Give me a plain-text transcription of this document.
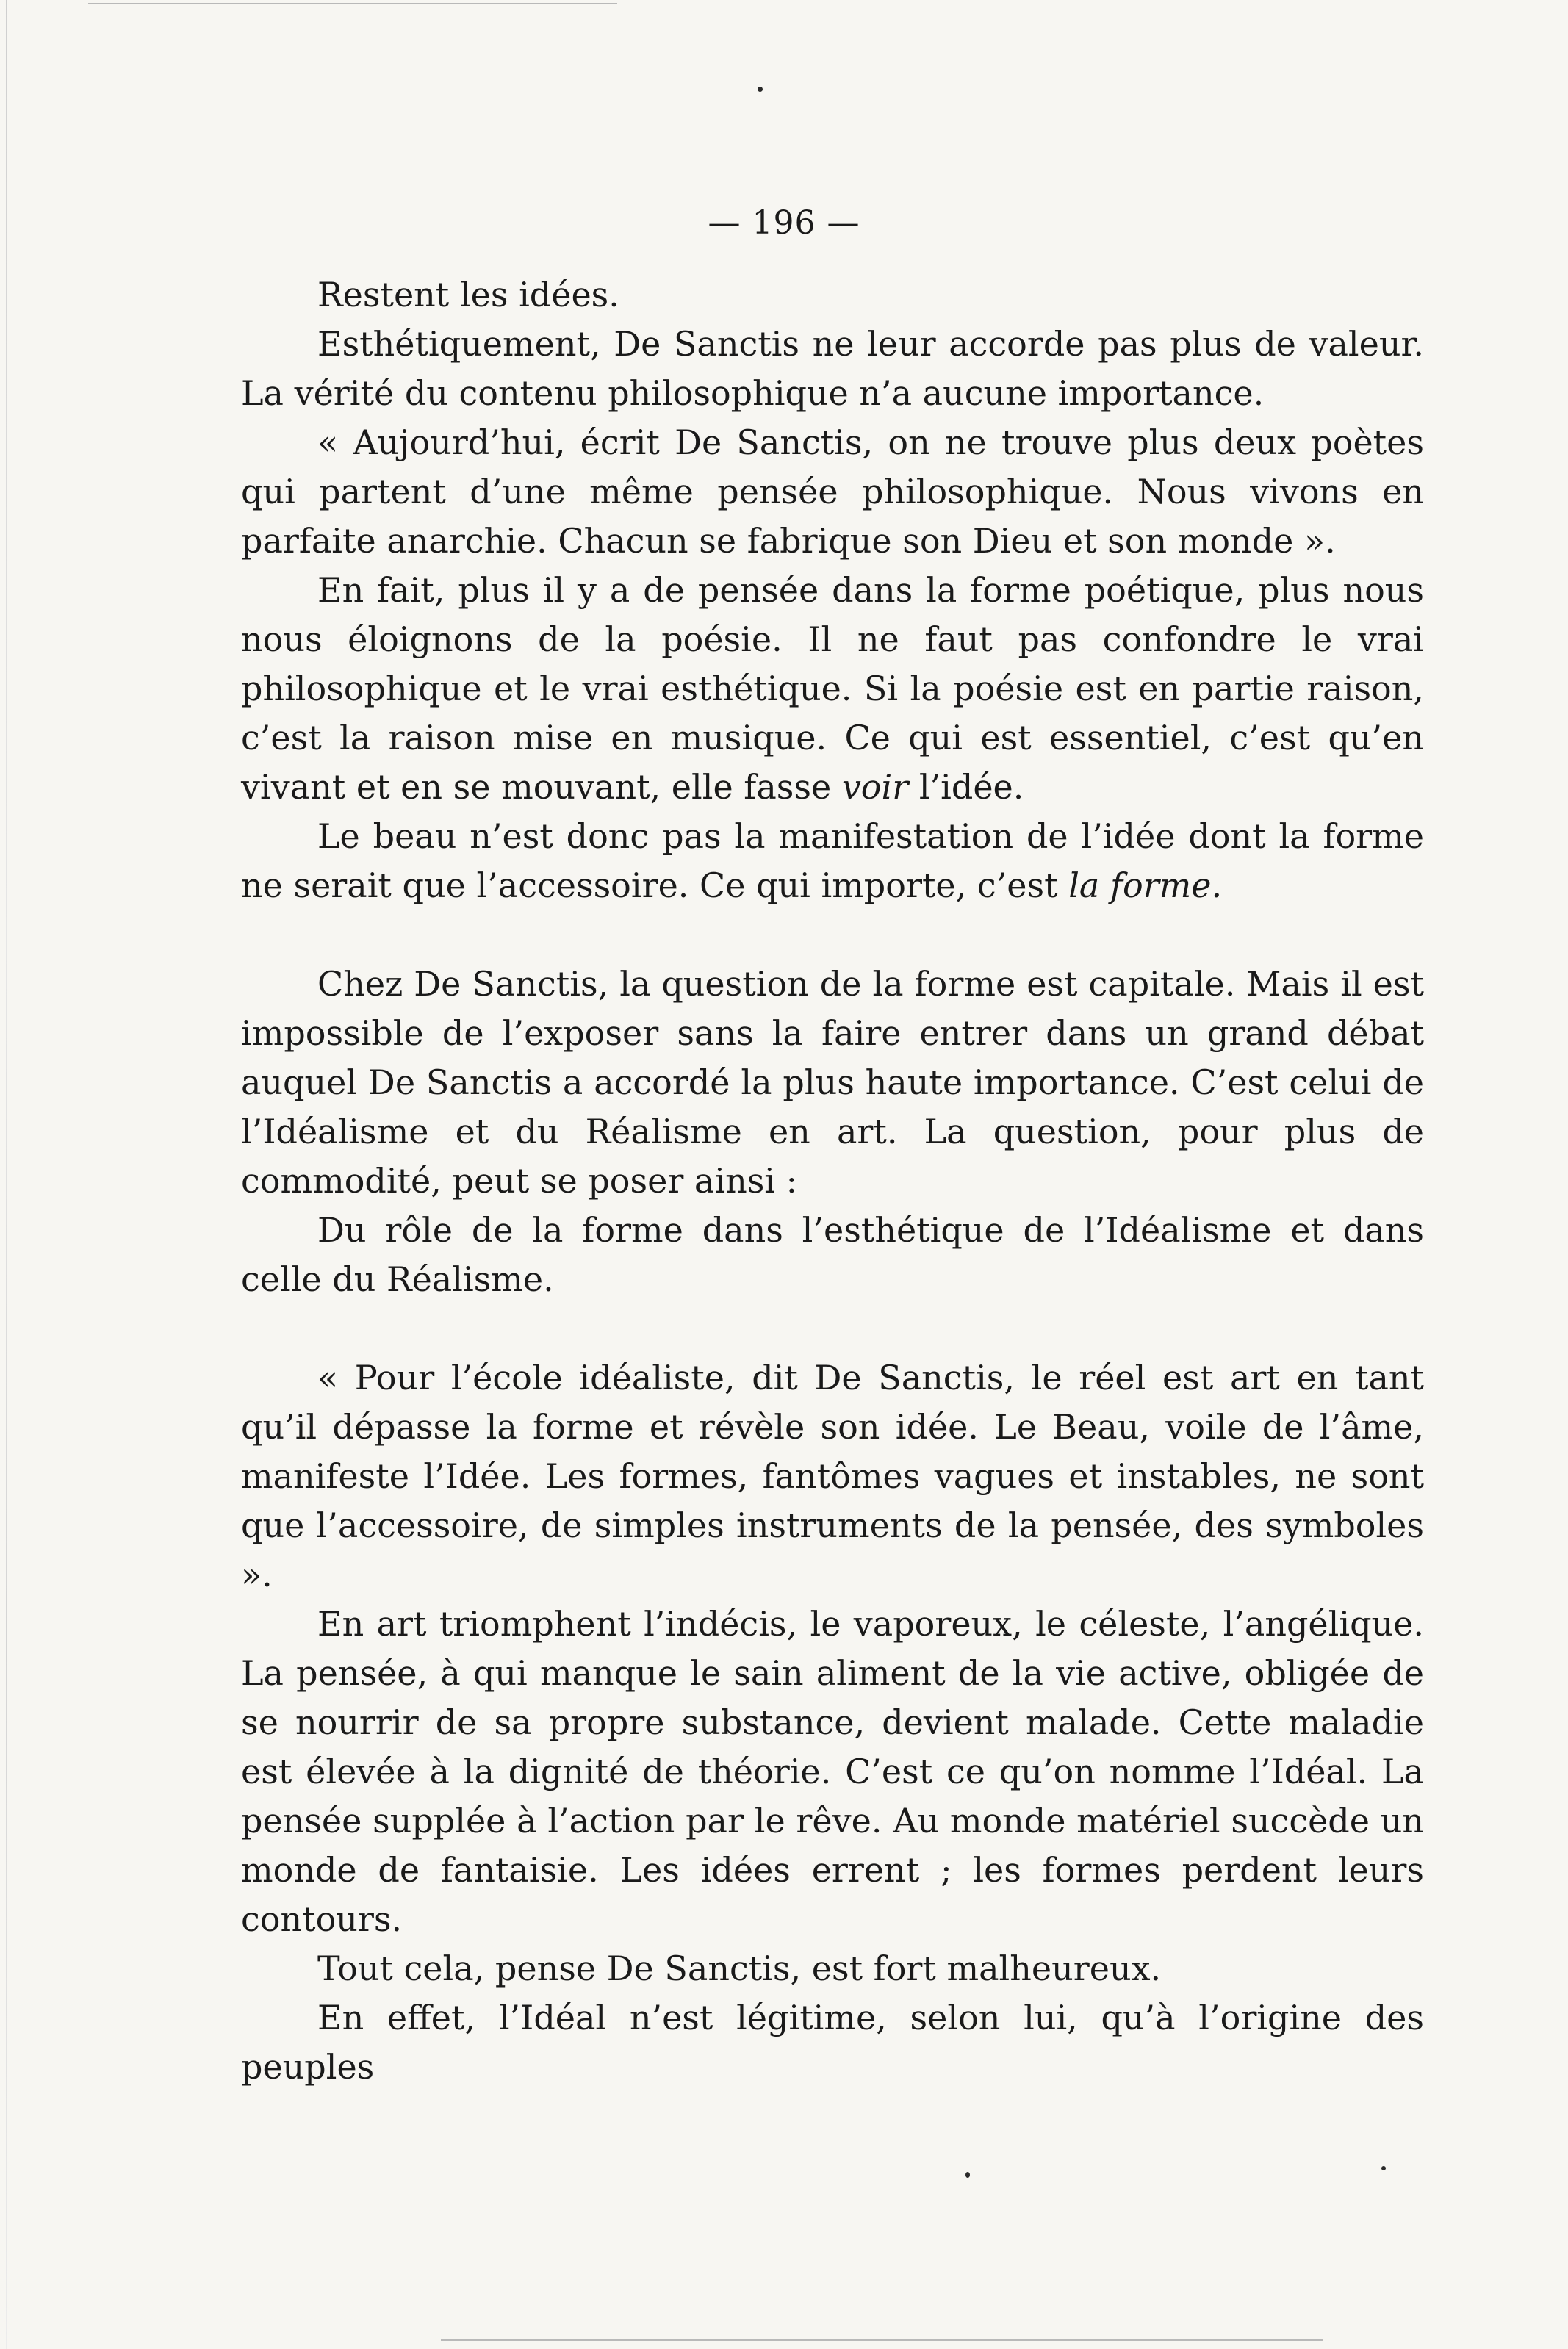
— 196 —

Restent les idées.

Esthétiquement, De Sanctis ne leur accorde pas plus de valeur. La vérité du contenu philosophique n’a aucune importance.

« Aujourd’hui, écrit De Sanctis, on ne trouve plus deux poètes qui partent d’une même pensée philosophique. Nous vivons en parfaite anarchie. Chacun se fabrique son Dieu et son monde ».

En fait, plus il y a de pensée dans la forme poétique, plus nous nous éloignons de la poésie. Il ne faut pas confondre le vrai philosophique et le vrai esthétique. Si la poésie est en partie raison, c’est la raison mise en musique. Ce qui est essentiel, c’est qu’en vivant et en se mouvant, elle fasse voir l’idée.

Le beau n’est donc pas la manifestation de l’idée dont la forme ne serait que l’accessoire. Ce qui importe, c’est la forme.

Chez De Sanctis, la question de la forme est capitale. Mais il est impossible de l’exposer sans la faire entrer dans un grand débat auquel De Sanctis a accordé la plus haute importance. C’est celui de l’Idéalisme et du Réalisme en art. La question, pour plus de commodité, peut se poser ainsi :

Du rôle de la forme dans l’esthétique de l’Idéalisme et dans celle du Réalisme.

« Pour l’école idéaliste, dit De Sanctis, le réel est art en tant qu’il dépasse la forme et révèle son idée. Le Beau, voile de l’âme, manifeste l’Idée. Les formes, fantômes vagues et instables, ne sont que l’accessoire, de simples instruments de la pensée, des symboles ».

En art triomphent l’indécis, le vaporeux, le céleste, l’angélique. La pensée, à qui manque le sain aliment de la vie active, obligée de se nourrir de sa propre substance, devient malade. Cette maladie est élevée à la dignité de théorie. C’est ce qu’on nomme l’Idéal. La pensée supplée à l’action par le rêve. Au monde matériel succède un monde de fantaisie. Les idées errent ; les formes perdent leurs contours.

Tout cela, pense De Sanctis, est fort malheureux.

En effet, l’Idéal n’est légitime, selon lui, qu’à l’origine des peuples
